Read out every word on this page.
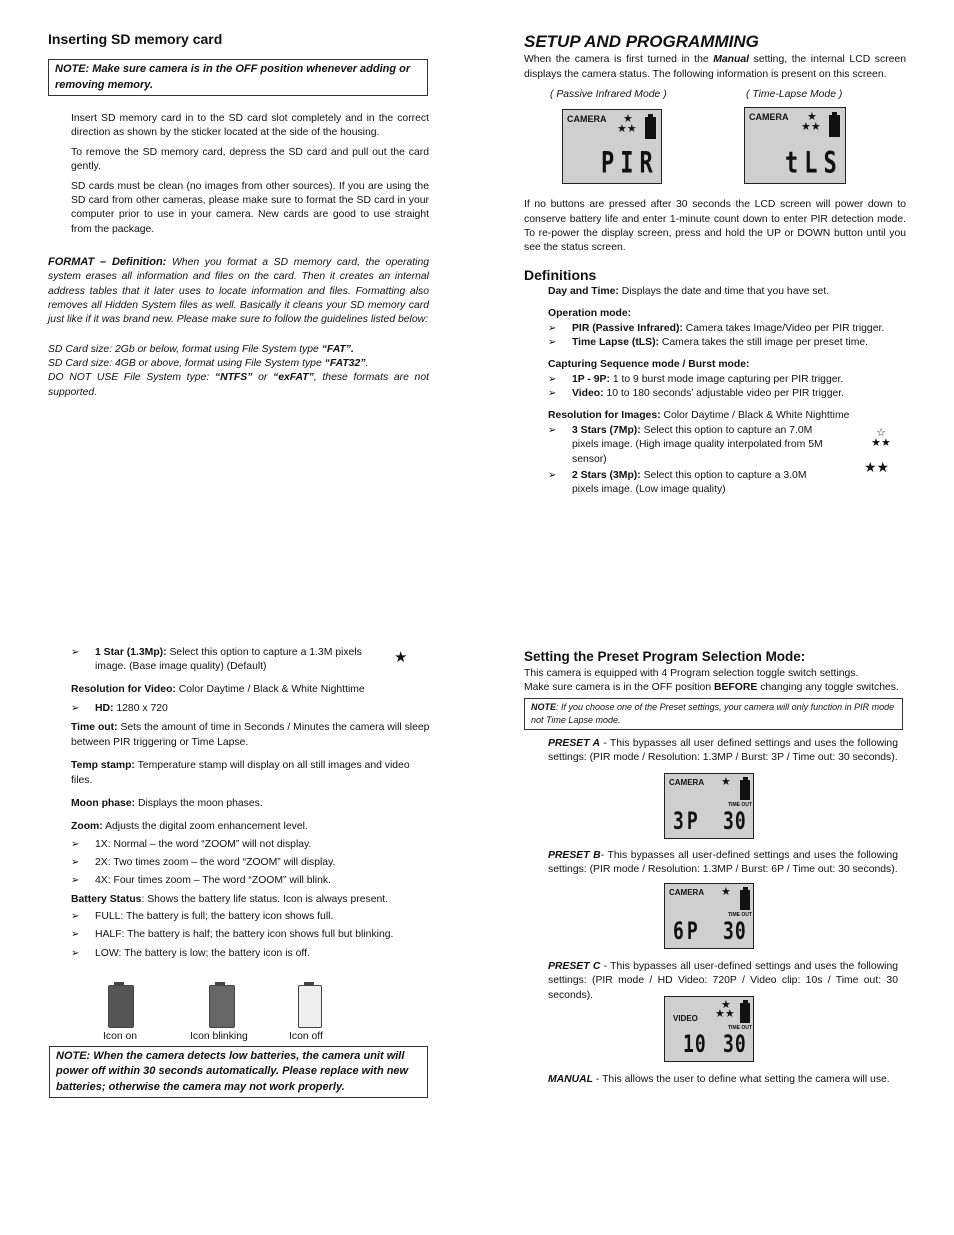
Inserting SD memory card

NOTE: Make sure camera is in the OFF position whenever adding or removing memory.

Insert SD memory card in to the SD card slot completely and in the correct direction as shown by the sticker located at the side of the housing.

To remove the SD memory card, depress the SD card and pull out the card gently.

SD cards must be clean (no images from other sources). If you are using the SD card from other cameras, please make sure to format the SD card in your computer prior to use in your camera. New cards are good to use straight from the package.

FORMAT – Definition: When you format a SD memory card, the operating system erases all information and files on the card. Then it creates an internal address tables that it later uses to locate information and files. Formatting also removes all Hidden System files as well. Basically it cleans your SD memory card just like if it was brand new. Please make sure to follow the guidelines listed below:

SD Card size: 2Gb or below, format using File System type “FAT”.

SD Card size: 4GB or above, format using File System type “FAT32”.

DO NOT USE File System type: “NTFS” or “exFAT”, these formats are not supported.

SETUP AND PROGRAMMING

When the camera is first turned in the Manual setting, the internal LCD screen displays the camera status. The following information is present on this screen.

( Passive Infrared Mode )	( Time-Lapse Mode )
CAMERA ★
★★
PIR
CAMERA ★
★★
tLS

If no buttons are pressed after 30 seconds the LCD screen will power down to conserve battery life and enter 1-minute count down to enter PIR detection mode. To re-power the display screen, press and hold the UP or DOWN button until you see the status screen.

Definitions

Day and Time: Displays the date and time that you have set.

Operation mode:

➢ PIR (Passive Infrared): Camera takes Image/Video per PIR trigger.
➢ Time Lapse (tLS): Camera takes the still image per preset time.

Capturing Sequence mode / Burst mode:

➢ 1P - 9P: 1 to 9 burst mode image capturing per PIR trigger.
➢ Video: 10 to 180 seconds’ adjustable video per PIR trigger.

Resolution for Images: Color Daytime / Black & White Nighttime

➢ 3 Stars (7Mp): Select this option to capture an 7.0M pixels image. (High image quality interpolated from 5M sensor)
➢ 2 Stars (3Mp): Select this option to capture a 3.0M pixels image. (Low image quality)
☆
★★
★★
➢ 1 Star (1.3Mp): Select this option to capture a 1.3M pixels image. (Base image quality) (Default)

Resolution for Video: Color Daytime / Black & White Nighttime

➢ HD: 1280 x 720

Time out: Sets the amount of time in Seconds / Minutes the camera will sleep between PIR triggering or Time Lapse.

Temp stamp: Temperature stamp will display on all still images and video files.

Moon phase: Displays the moon phases.

Zoom: Adjusts the digital zoom enhancement level.

➢ 1X: Normal – the word “ZOOM” will not display.
➢ 2X: Two times zoom – the word “ZOOM” will display.
➢ 4X: Four times zoom – The word “ZOOM” will blink.

Battery Status: Shows the battery life status. Icon is always present.

➢ FULL: The battery is full; the battery icon shows full.
➢ HALF: The battery is half; the battery icon shows full but blinking.
➢ LOW: The battery is low; the battery icon is off.
★
Icon on	Icon blinking	Icon off
NOTE: When the camera detects low batteries, the camera unit will power off within 30 seconds automatically. Please replace with new batteries; otherwise the camera may not work properly.

Setting the Preset Program Selection Mode:

This camera is equipped with 4 Program selection toggle switch settings.

Make sure camera is in the OFF position BEFORE changing any toggle switches.

NOTE: If you choose one of the Preset settings, your camera will only function in PIR mode not Time Lapse mode.

PRESET A - This bypasses all user defined settings and uses the following settings: (PIR mode / Resolution: 1.3MP / Burst: 3P / Time out: 30 seconds).

PRESET B- This bypasses all user-defined settings and uses the following settings: (PIR mode / Resolution: 1.3MP / Burst: 6P / Time out: 30 seconds).

PRESET C - This bypasses all user-defined settings and uses the following settings: (PIR mode / HD Video: 720P / Video clip: 10s / Time out: 30 seconds).

MANUAL - This allows the user to define what setting the camera will use.

CAMERA ★
TIME OUT
3P 30
CAMERA ★
TIME OUT
6P 30
VIDEO
★
★★
TIME OUT
10 30
